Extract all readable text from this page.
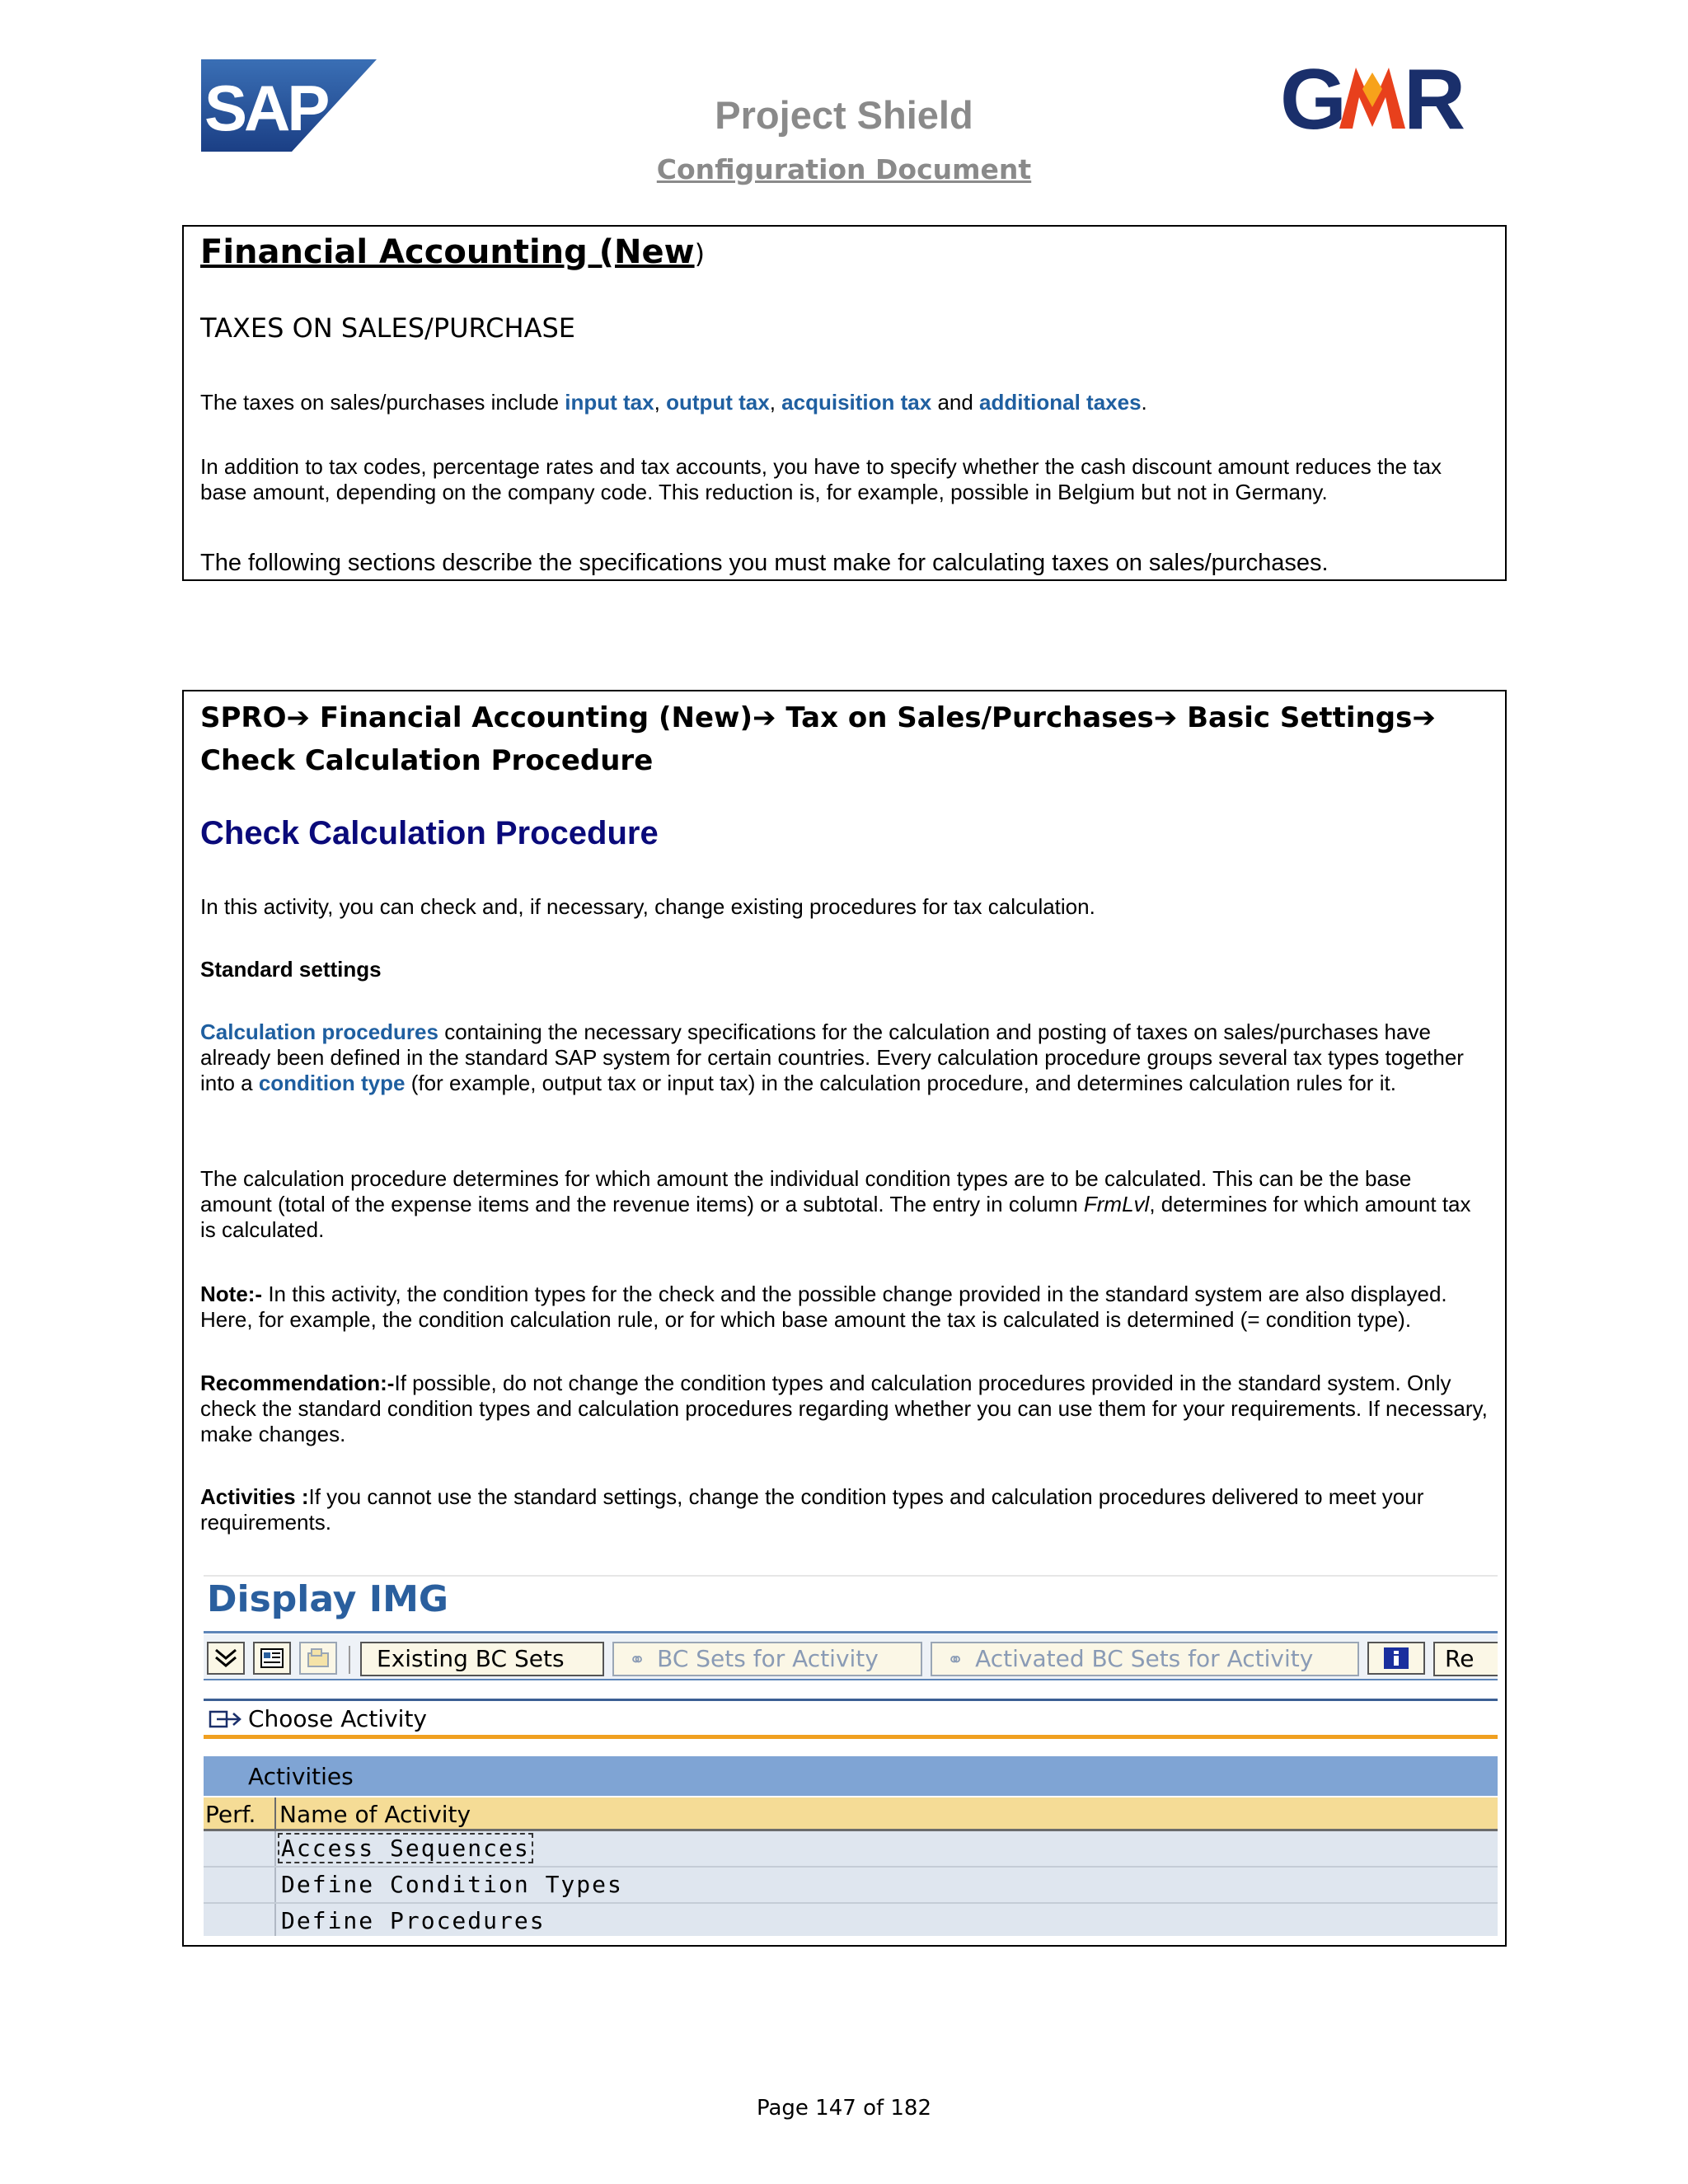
SAP	G R
Project Shield
Configuration Document
Financial Accounting (New)
TAXES ON SALES/PURCHASE
The taxes on sales/purchases include input tax, output tax, acquisition tax and additional taxes.
In addition to tax codes, percentage rates and tax accounts, you have to specify whether the cash discount amount reduces the tax base amount, depending on the company code. This reduction is, for example, possible in Belgium but not in Germany.
The following sections describe the specifications you must make for calculating taxes on sales/purchases.
SPRO➔ Financial Accounting (New)➔ Tax on Sales/Purchases➔ Basic Settings➔ Check Calculation Procedure
Check Calculation Procedure
In this activity, you can check and, if necessary, change existing procedures for tax calculation.
Standard settings
Calculation procedures containing the necessary specifications for the calculation and posting of taxes on sales/purchases have already been defined in the standard SAP system for certain countries. Every calculation procedure groups several tax types together into a condition type (for example, output tax or input tax) in the calculation procedure, and determines calculation rules for it.
The calculation procedure determines for which amount the individual condition types are to be calculated. This can be the base amount (total of the expense items and the revenue items) or a subtotal. The entry in column FrmLvl, determines for which amount tax is calculated.
Note:- In this activity, the condition types for the check and the possible change provided in the standard system are also displayed. Here, for example, the condition calculation rule, or for which base amount the tax is calculated is determined (= condition type).
Recommendation:-If possible, do not change the condition types and calculation procedures provided in the standard system. Only check the standard condition types and calculation procedures regarding whether you can use them for your requirements. If necessary, make changes.
Activities :If you cannot use the standard settings, change the condition types and calculation procedures delivered to meet your requirements.
Display IMG
Existing BC Sets	⚭ BC Sets for Activity	⚭ Activated BC Sets for Activity	Re
Choose Activity
Activities
Perf. Name of Activity
Access Sequences
Define Condition Types
Define Procedures
Page 147 of 182
